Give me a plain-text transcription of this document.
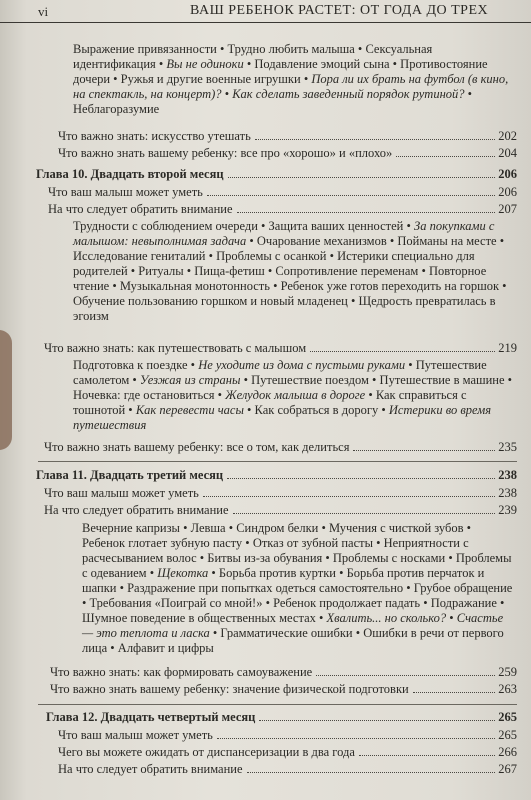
vi	ВАШ РЕБЕНОК РАСТЕТ: ОТ ГОДА ДО ТРЕХ
Выражение привязанности • Трудно любить малыша • Сексуальная идентификация • Вы не одиноки • Подавление эмоций сына • Противостояние дочери • Ружья и другие военные игрушки • Пора ли их брать на футбол (в кино, на спектакль, на концерт)? • Как сделать заведенный порядок рутиной? • Неблагоразумие
Что важно знать: искусство утешать	202
Что важно знать вашему ребенку: все про «хорошо» и «плохо»	204
Глава 10. Двадцать второй месяц	206
Что ваш малыш может уметь	206
На что следует обратить внимание	207
Трудности с соблюдением очереди • Защита ваших ценностей • За покупками с малышом: невыполнимая задача • Очарование механизмов • Пойманы на месте • Исследование гениталий • Проблемы с осанкой • Истерики специально для родителей • Ритуалы • Пища-фетиш • Сопротивление переменам • Повторное чтение • Музыкальная монотонность • Ребенок уже готов переходить на горшок • Обучение пользованию горшком и новый младенец • Щедрость превратилась в эгоизм
Что важно знать: как путешествовать с малышом	219
Подготовка к поездке • Не уходите из дома с пустыми руками • Путешествие самолетом • Уезжая из страны • Путешествие поездом • Путешествие в машине • Ночевка: где остановиться • Желудок малыша в дороге • Как справиться с тошнотой • Как перевести часы • Как собраться в дорогу • Истерики во время путешествия
Что важно знать вашему ребенку: все о том, как делиться	235
Глава 11. Двадцать третий месяц	238
Что ваш малыш может уметь	238
На что следует обратить внимание	239
Вечерние капризы • Левша • Синдром белки • Мучения с чисткой зубов • Ребенок глотает зубную пасту • Отказ от зубной пасты • Неприятности с расчесыванием волос • Битвы из-за обувания • Проблемы с носками • Проблемы с одеванием • Щекотка • Борьба против куртки • Борьба против перчаток и шапки • Раздражение при попытках одеться самостоятельно • Грубое обращение • Требования «Поиграй со мной!» • Ребенок продолжает падать • Подражание • Шумное поведение в общественных местах • Хвалить... но сколько? • Счастье — это теплота и ласка • Грамматические ошибки • Ошибки в речи от первого лица • Алфавит и цифры
Что важно знать: как формировать самоуважение	259
Что важно знать вашему ребенку: значение физической подготовки	263
Глава 12. Двадцать четвертый месяц	265
Что ваш малыш может уметь	265
Чего вы можете ожидать от диспансеризации в два года	266
На что следует обратить внимание	267
